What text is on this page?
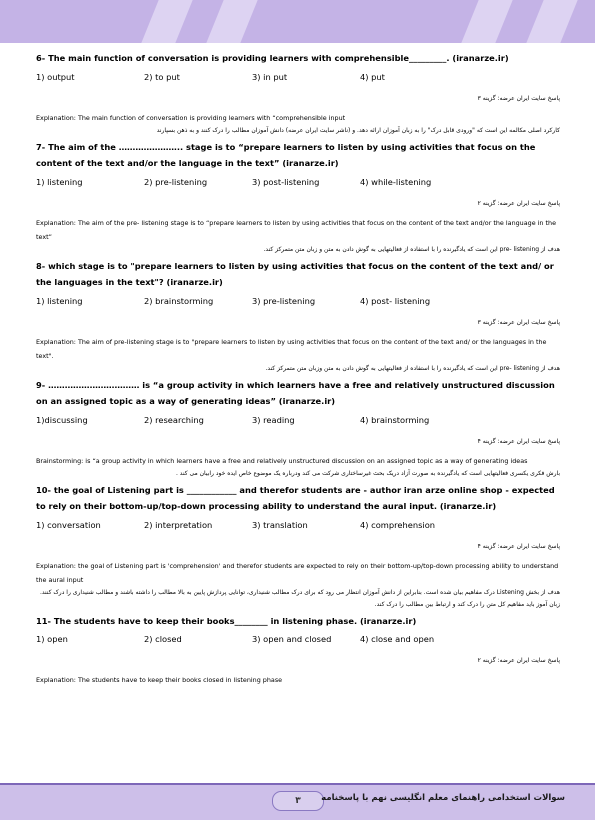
6- The main function of conversation is providing learners with comprehensible_________. (iranarze.ir)

1) output	2) to put	3) in put	4) put
پاسخ سایت ایران عرضه: گزینه ۳

Explanation: The main function of conversation is providing learners with “comprehensible input

کارکرد اصلی مکالمه این است که "ورودی قابل درک" را به زبان آموزان ارائه دهد. و (ناشر سایت ایران عرضه) دانش آموزان مطالب را درک کنند و به ذهن بسپارند

7- The aim of the ………………….. stage is to “prepare learners to listen by using activities that focus on the content of the text and/or the language in the text” (iranarze.ir)

1) listening	2) pre-listening	3) post-listening	4) while-listening
پاسخ سایت ایران عرضه: گزینه ۲

Explanation: The aim of the pre- listening stage is to “prepare learners to listen by using activities that focus on the content of the text and/or the language in the text”

هدف از pre- listening این است که یادگیرنده را با استفاده از فعالیتهایی به گوش دادن به متن و زبان متن متمرکز کند.

8- which stage is to "prepare learners to listen by using activities that focus on the content of the text and/ or the languages in the text"? (iranarze.ir)

1) listening	2) brainstorming	3) pre-listening	4) post- listening
پاسخ سایت ایران عرضه: گزینه ۳

Explanation: The aim of pre-listening stage is to "prepare learners to listen by using activities that focus on the content of the text and/ or the languages in the text".

هدف از pre- listening این است که یادگیرنده را با استفاده از فعالیتهایی به گوش دادن به متن وزبان متن متمرکز کند.

9- …………………………… is “a group activity in which learners have a free and relatively unstructured discussion on an assigned topic as a way of generating ideas” (iranarze.ir)

1)discussing	2) researching	3) reading	4) brainstorming
پاسخ سایت ایران عرضه: گزینه ۴

Brainstorming: is “a group activity in which learners have a free and relatively unstructured discussion on an assigned topic as a way of generating ideas

بارش فکری یکسری فعالیتهایی است که یادگیرنده به صورت آزاد دریک بحث غیرساختاری شرکت می کند ودرباره یک موضوع خاص ایده خود رابیان می کند .

10- the goal of Listening part is ____________ and therefor students are - author iran arze online shop - expected to rely on their bottom-up/top-down processing ability to understand the aural input. (iranarze.ir)

1) conversation	2) interpretation	3) translation	4) comprehension
پاسخ سایت ایران عرضه: گزینه ۴

Explanation: the goal of Listening part is 'comprehension' and therefor students are expected to rely on their bottom-up/top-down processing ability to understand the aural input

هدف از بخش Listening درک مفاهیم بیان شده است. بنابراین از دانش آموزان انتظار می رود که برای درک مطالب شنیداری، توانایی پردازش پایین به بالا مطالب را داشته باشند و مطالب شنیداری را درک کنند. زبان آموز باید مفاهیم کل متن را درک کند و ارتباط بین مطالب را درک کند.

11- The students have to keep their books________ in listening phase. (iranarze.ir)

1) open	2) closed	3) open and closed	4) close and open
پاسخ سایت ایران عرضه: گزینه ۲

Explanation: The students have to keep their books closed in listening phase

۳	سوالات استخدامی راهنمای معلم انگلیسی نهم با پاسخنامه
